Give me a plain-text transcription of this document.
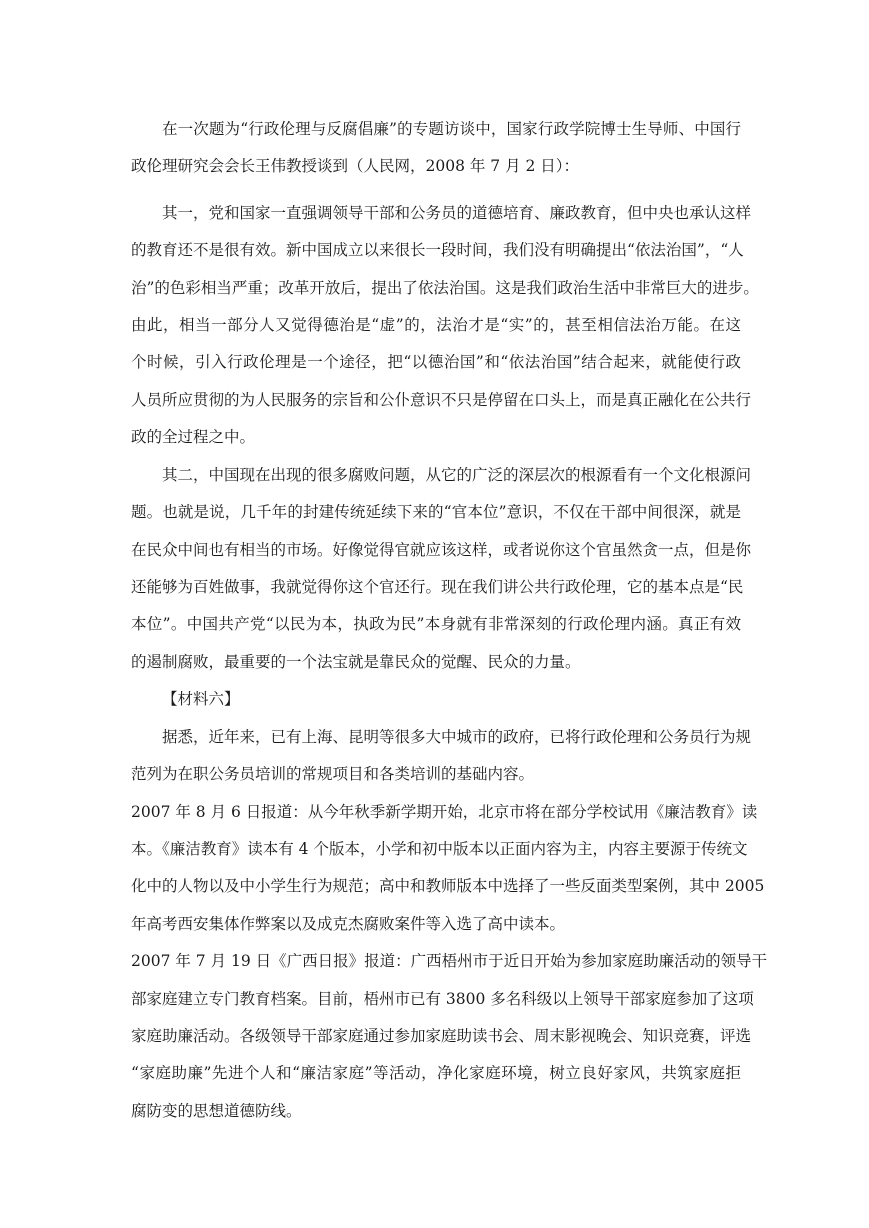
在一次题为“行政伦理与反腐倡廉”的专题访谈中，国家行政学院博士生导师、中国行
政伦理研究会会长王伟教授谈到（人民网，2008 年 7 月 2 日）：
其一，党和国家一直强调领导干部和公务员的道德培育、廉政教育，但中央也承认这样
的教育还不是很有效。新中国成立以来很长一段时间，我们没有明确提出“依法治国”，“人
治”的色彩相当严重；改革开放后，提出了依法治国。这是我们政治生活中非常巨大的进步。
由此，相当一部分人又觉得德治是“虚”的，法治才是“实”的，甚至相信法治万能。在这
个时候，引入行政伦理是一个途径，把“以德治国”和“依法治国”结合起来，就能使行政
人员所应贯彻的为人民服务的宗旨和公仆意识不只是停留在口头上，而是真正融化在公共行
政的全过程之中。
其二，中国现在出现的很多腐败问题，从它的广泛的深层次的根源看有一个文化根源问
题。也就是说，几千年的封建传统延续下来的“官本位”意识，不仅在干部中间很深，就是
在民众中间也有相当的市场。好像觉得官就应该这样，或者说你这个官虽然贪一点，但是你
还能够为百姓做事，我就觉得你这个官还行。现在我们讲公共行政伦理，它的基本点是“民
本位”。中国共产党“以民为本，执政为民”本身就有非常深刻的行政伦理内涵。真正有效
的遏制腐败，最重要的一个法宝就是靠民众的觉醒、民众的力量。
【材料六】
据悉，近年来，已有上海、昆明等很多大中城市的政府，已将行政伦理和公务员行为规
范列为在职公务员培训的常规项目和各类培训的基础内容。
2007 年 8 月 6 日报道：从今年秋季新学期开始，北京市将在部分学校试用《廉洁教育》读
本。《廉洁教育》读本有 4 个版本，小学和初中版本以正面内容为主，内容主要源于传统文
化中的人物以及中小学生行为规范；高中和教师版本中选择了一些反面类型案例，其中 2005
年高考西安集体作弊案以及成克杰腐败案件等入选了高中读本。
2007 年 7 月 19 日《广西日报》报道：广西梧州市于近日开始为参加家庭助廉活动的领导干
部家庭建立专门教育档案。目前，梧州市已有 3800 多名科级以上领导干部家庭参加了这项
家庭助廉活动。各级领导干部家庭通过参加家庭助读书会、周末影视晚会、知识竞赛，评选
“家庭助廉”先进个人和“廉洁家庭”等活动，净化家庭环境，树立良好家风，共筑家庭拒
腐防变的思想道德防线。
